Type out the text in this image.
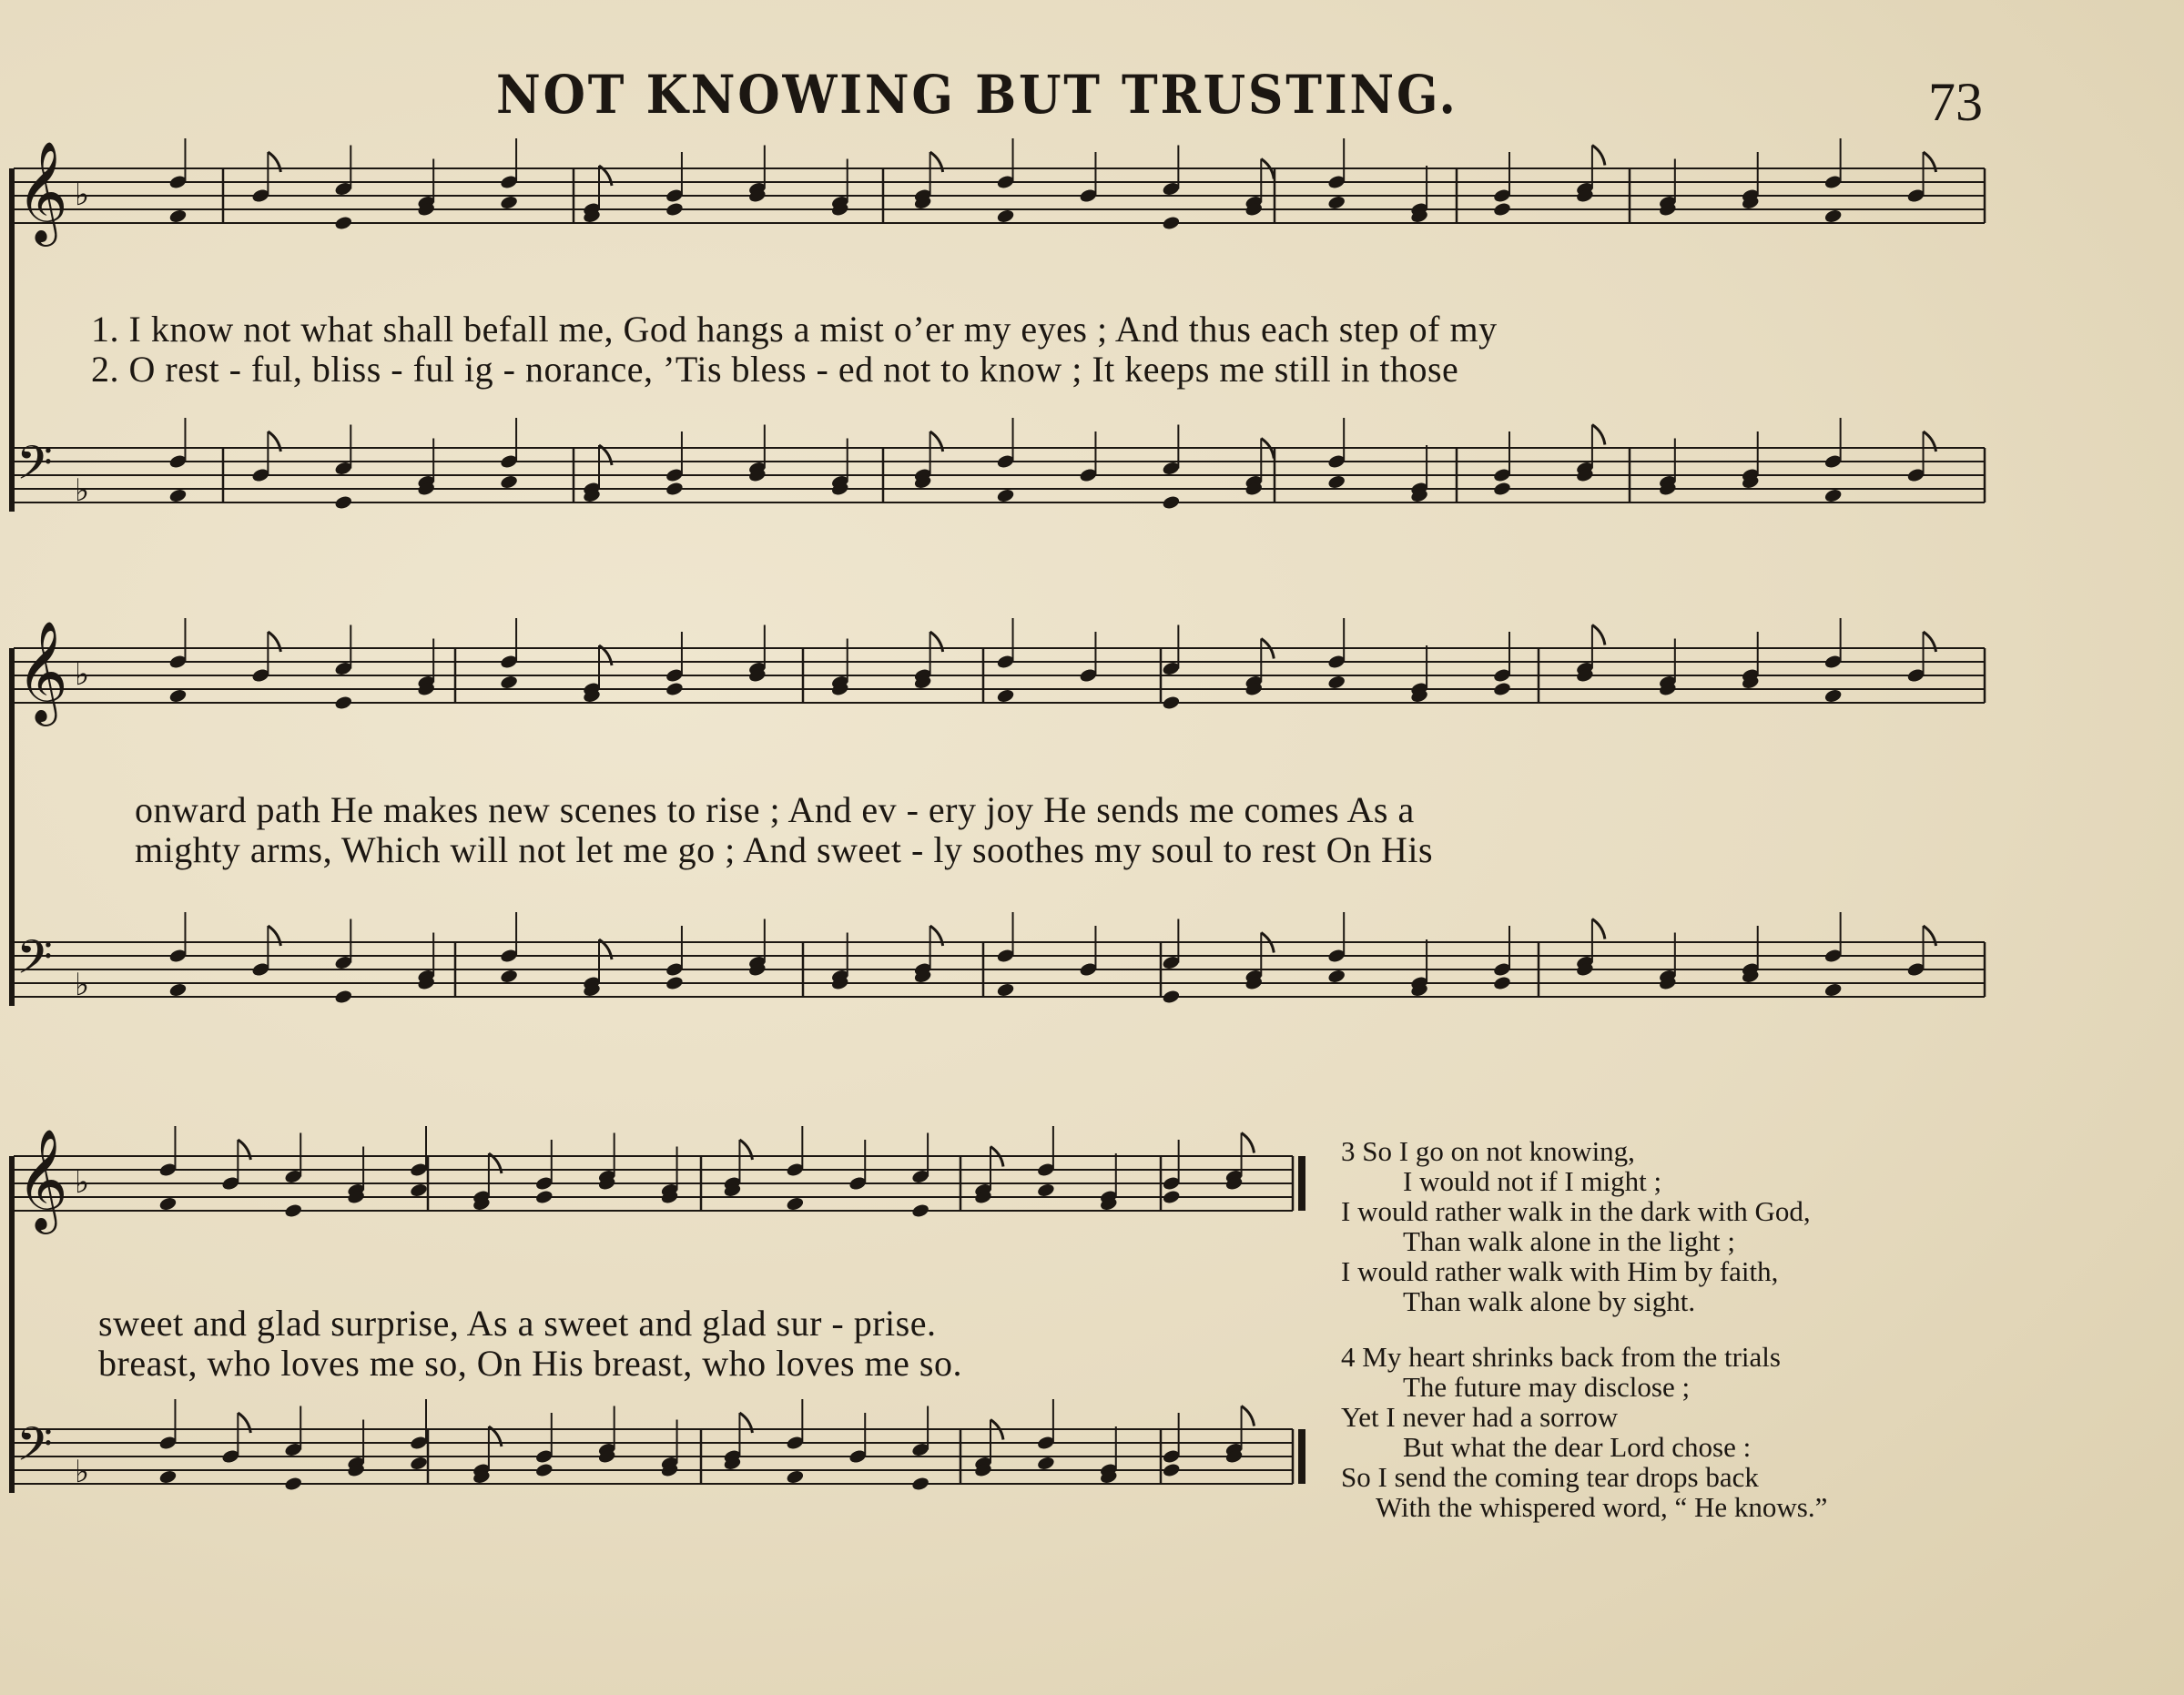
NOT KNOWING BUT TRUSTING.	73
𝄞 ♭
𝄢 ♭
𝄞 ♭
𝄢 ♭
𝄞 ♭
𝄢 ♭
1. I know not what shall befall me, God hangs a mist o’er my eyes ; And thus each step of my
2. O rest - ful, bliss - ful ig - norance, ’Tis bless - ed not to know ; It keeps me still in those
onward path He makes new scenes to rise ; And ev - ery joy He sends me comes As a
mighty arms, Which will not let me go ; And sweet - ly soothes my soul to rest On His
sweet and glad surprise, As a sweet and glad sur - prise.
breast, who loves me so, On His breast, who loves me so.
3 So I go on not knowing,
I would not if I might ;
I would rather walk in the dark with God,
Than walk alone in the light ;
I would rather walk with Him by faith,
Than walk alone by sight.
4 My heart shrinks back from the trials
The future may disclose ;
Yet I never had a sorrow
But what the dear Lord chose :
So I send the coming tear drops back
With the whispered word, “ He knows.”
